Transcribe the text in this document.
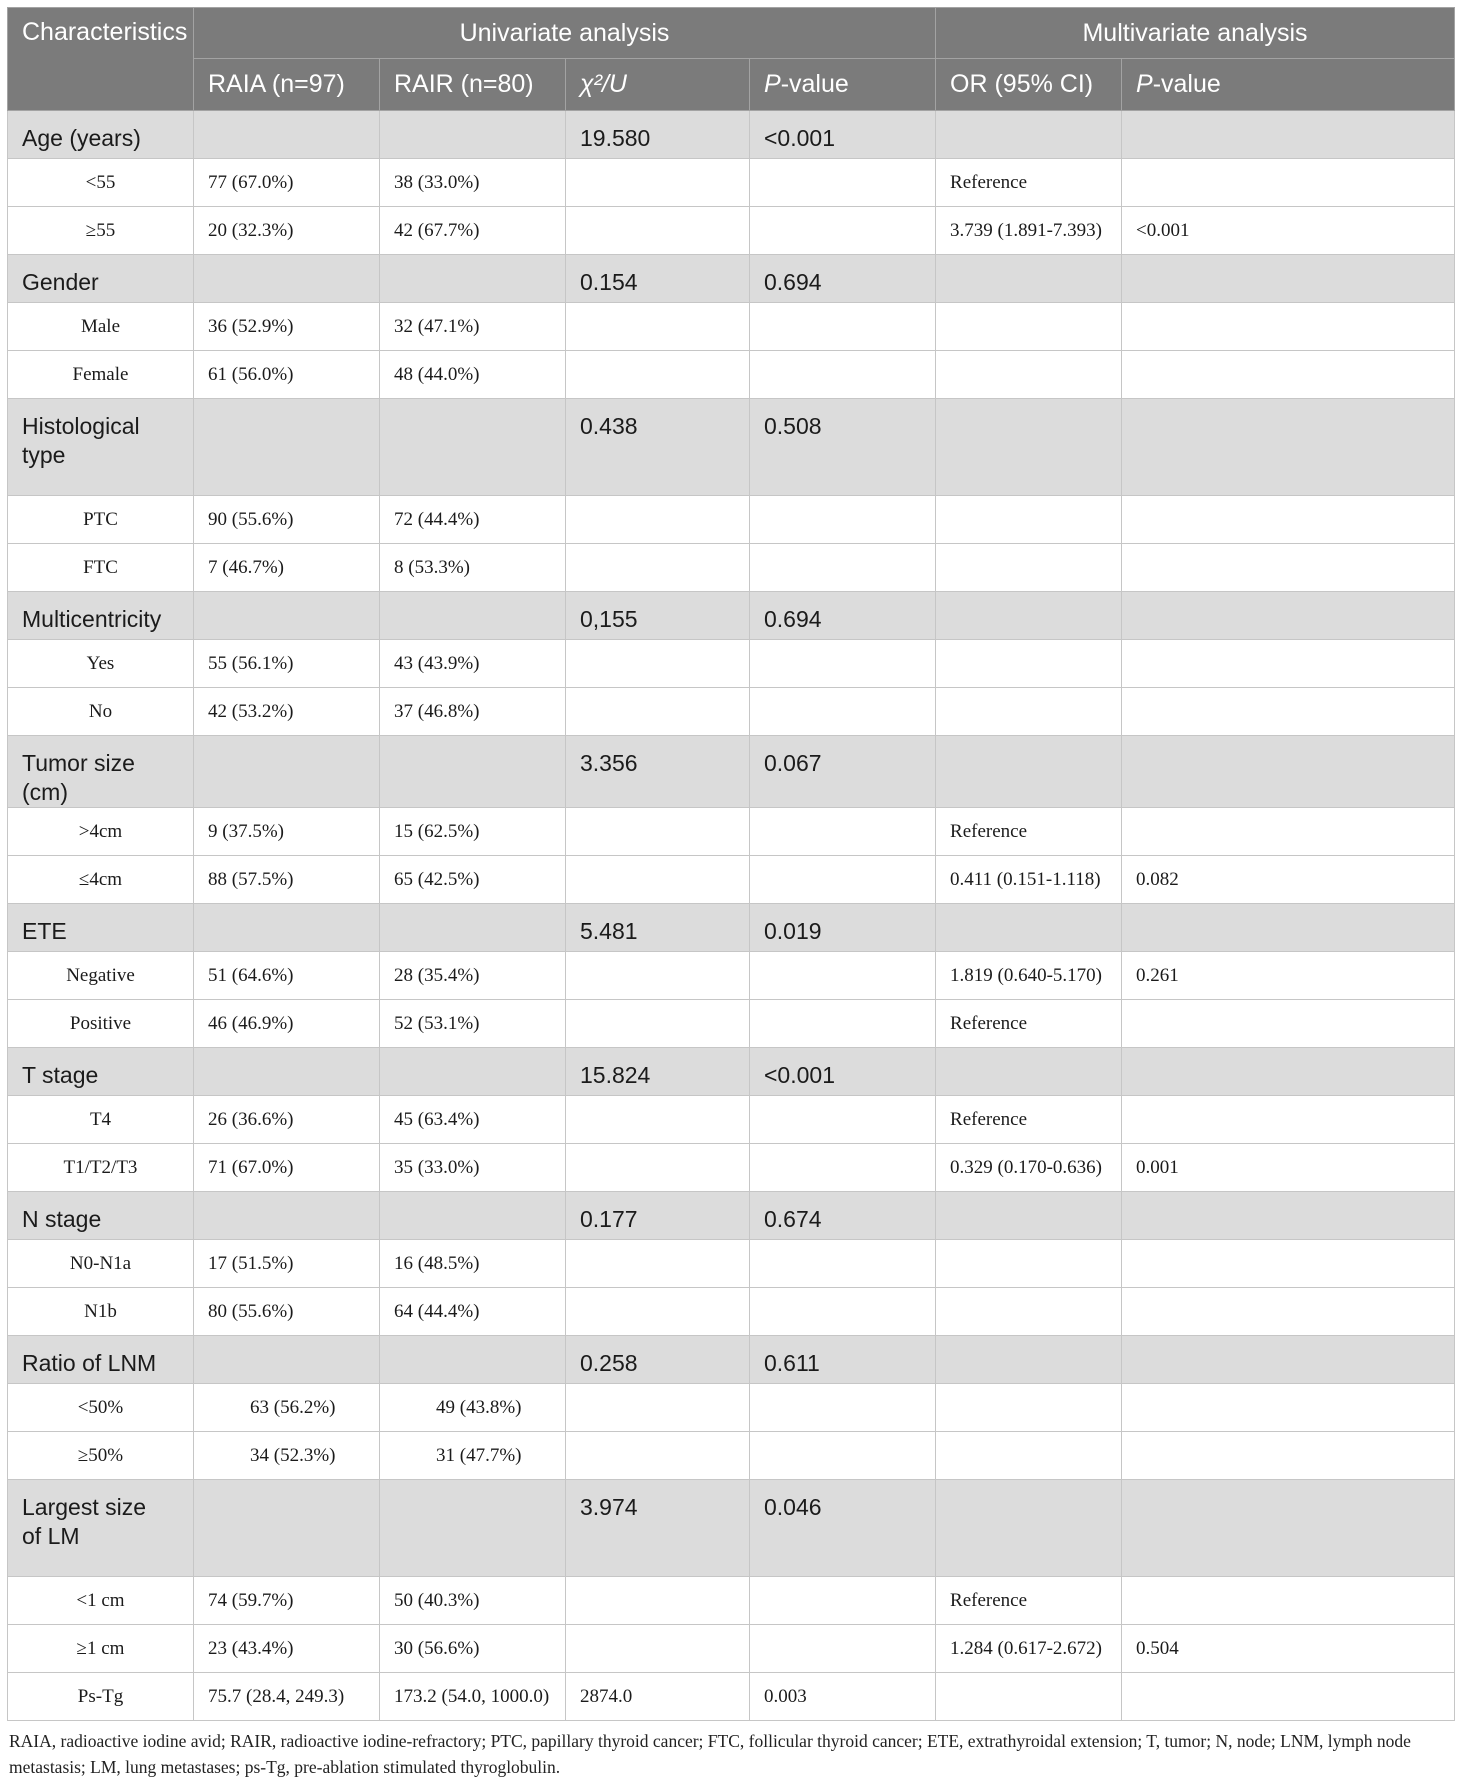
Characteristics	Univariate analysis				Multivariate analysis	
	RAIA (n=97)	RAIR (n=80)	χ²/U	P-value	OR (95% CI)	P-value
Age (years)			19.580	<0.001		
<55	77 (67.0%)	38 (33.0%)			Reference	
≥55	20 (32.3%)	42 (67.7%)			3.739 (1.891-7.393)	<0.001
Gender			0.154	0.694		
Male	36 (52.9%)	32 (47.1%)				
Female	61 (56.0%)	48 (44.0%)				
Histological type			0.438	0.508		
PTC	90 (55.6%)	72 (44.4%)				
FTC	7 (46.7%)	8 (53.3%)				
Multicentricity			0,155	0.694		
Yes	55 (56.1%)	43 (43.9%)				
No	42 (53.2%)	37 (46.8%)				
Tumor size (cm)			3.356	0.067		
>4cm	9 (37.5%)	15 (62.5%)			Reference	
≤4cm	88 (57.5%)	65 (42.5%)			0.411 (0.151-1.118)	0.082
ETE			5.481	0.019		
Negative	51 (64.6%)	28 (35.4%)			1.819 (0.640-5.170)	0.261
Positive	46 (46.9%)	52 (53.1%)			Reference	
T stage			15.824	<0.001		
T4	26 (36.6%)	45 (63.4%)			Reference	
T1/T2/T3	71 (67.0%)	35 (33.0%)			0.329 (0.170-0.636)	0.001
N stage			0.177	0.674		
N0-N1a	17 (51.5%)	16 (48.5%)				
N1b	80 (55.6%)	64 (44.4%)				
Ratio of LNM			0.258	0.611		
<50%	63 (56.2%)	49 (43.8%)				
≥50%	34 (52.3%)	31 (47.7%)				
Largest size of LM			3.974	0.046		
<1 cm	74 (59.7%)	50 (40.3%)			Reference	
≥1 cm	23 (43.4%)	30 (56.6%)			1.284 (0.617-2.672)	0.504
Ps-Tg	75.7 (28.4, 249.3)	173.2 (54.0, 1000.0)	2874.0	0.003		
RAIA, radioactive iodine avid; RAIR, radioactive iodine-refractory; PTC, papillary thyroid cancer; FTC, follicular thyroid cancer; ETE, extrathyroidal extension; T, tumor; N, node; LNM, lymph node metastasis; LM, lung metastases; ps-Tg, pre-ablation stimulated thyroglobulin.
